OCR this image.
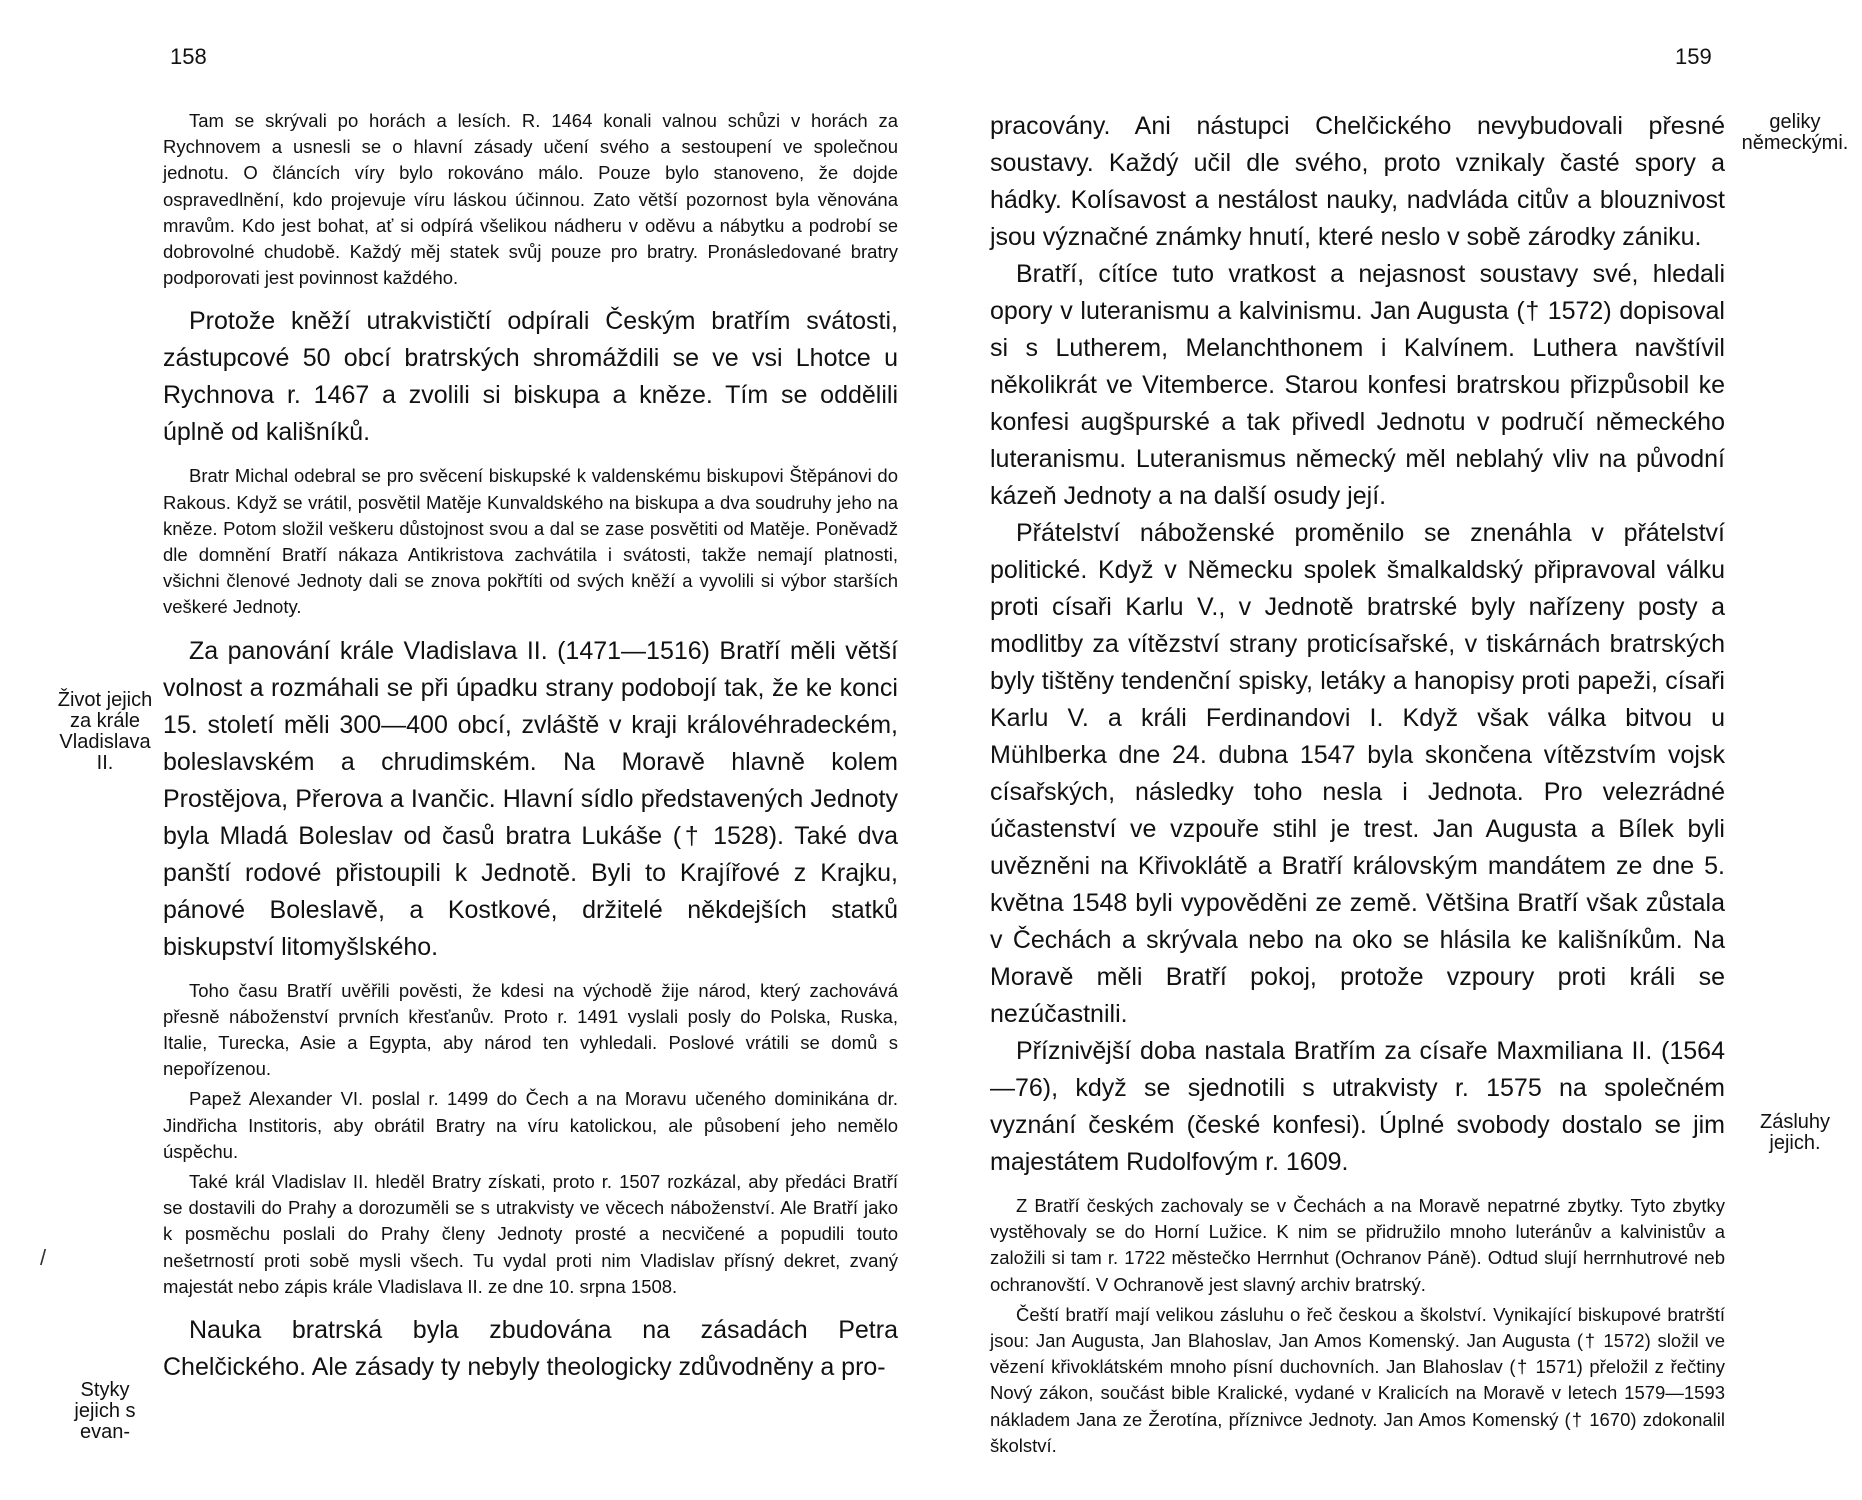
158

Tam se skrývali po horách a lesích. R. 1464 konali valnou schůzi v horách za Rychnovem a usnesli se o hlavní zásady učení svého a sestoupení ve společnou jednotu. O článcích víry bylo rokováno málo. Pouze bylo stanoveno, že dojde ospravedlnění, kdo projevuje víru láskou účinnou. Zato větší pozornost byla věnována mravům. Kdo jest bohat, ať si odpírá všelikou nádheru v oděvu a nábytku a podrobí se dobrovolné chudobě. Každý měj statek svůj pouze pro bratry. Pronásledované bratry podporovati jest povinnost každého.

Protože kněží utrakvističtí odpírali Českým bratřím svátosti, zástupcové 50 obcí bratrských shromáždili se ve vsi Lhotce u Rychnova r. 1467 a zvolili si biskupa a kněze. Tím se oddělili úplně od kališníků.

Bratr Michal odebral se pro svěcení biskupské k valdenskému biskupovi Štěpánovi do Rakous. Když se vrátil, posvětil Matěje Kunvaldského na biskupa a dva soudruhy jeho na kněze. Potom složil veškeru důstojnost svou a dal se zase posvětiti od Matěje. Poněvadž dle domnění Bratří nákaza Antikristova zachvátila i svátosti, takže nemají platnosti, všichni členové Jednoty dali se znova pokřtíti od svých kněží a vyvolili si výbor starších veškeré Jednoty.

Za panování krále Vladislava II. (1471—1516) Bratří měli větší volnost a rozmáhali se při úpadku strany podobojí tak, že ke konci 15. století měli 300—400 obcí, zvláště v kraji královéhradeckém, boleslavském a chrudimském. Na Moravě hlavně kolem Prostějova, Přerova a Ivančic. Hlavní sídlo představených Jednoty byla Mladá Boleslav od časů bratra Lukáše († 1528). Také dva panští rodové přistoupili k Jednotě. Byli to Krajířové z Krajku, pánové Boleslavě, a Kostkové, držitelé někdejších statků biskupství litomyšlského.

Toho času Bratří uvěřili pověsti, že kdesi na východě žije národ, který zachovává přesně náboženství prvních křesťanův. Proto r. 1491 vyslali posly do Polska, Ruska, Italie, Turecka, Asie a Egypta, aby národ ten vyhledali. Poslové vrátili se domů s nepořízenou.

Papež Alexander VI. poslal r. 1499 do Čech a na Moravu učeného dominikána dr. Jindřicha Institoris, aby obrátil Bratry na víru katolickou, ale působení jeho nemělo úspěchu.

Také král Vladislav II. hleděl Bratry získati, proto r. 1507 rozkázal, aby předáci Bratří se dostavili do Prahy a dorozuměli se s utrakvisty ve věcech náboženství. Ale Bratří jako k posměchu poslali do Prahy členy Jednoty prosté a necvičené a popudili touto nešetrností proti sobě mysli všech. Tu vydal proti nim Vladislav přísný dekret, zvaný majestát nebo zápis krále Vladislava II. ze dne 10. srpna 1508.

Nauka bratrská byla zbudována na zásadách Petra Chelčického. Ale zásady ty nebyly theologicky zdůvodněny a pro-

Život jejich za krále Vladislava II.
Styky jejich s evan-
/
159

pracovány. Ani nástupci Chelčického nevybudovali přesné soustavy. Každý učil dle svého, proto vznikaly časté spory a hádky. Kolísavost a nestálost nauky, nadvláda citův a blouznivost jsou význačné známky hnutí, které neslo v sobě zárodky zániku.

Bratří, cítíce tuto vratkost a nejasnost soustavy své, hledali opory v luteranismu a kalvinismu. Jan Augusta († 1572) dopisoval si s Lutherem, Melanchthonem i Kalvínem. Luthera navštívil několikrát ve Vitemberce. Starou konfesi bratrskou přizpůsobil ke konfesi augšpurské a tak přivedl Jednotu v područí německého luteranismu. Luteranismus německý měl neblahý vliv na původní kázeň Jednoty a na další osudy její.

Přátelství náboženské proměnilo se znenáhla v přátelství politické. Když v Německu spolek šmalkaldský připravoval válku proti císaři Karlu V., v Jednotě bratrské byly nařízeny posty a modlitby za vítězství strany proticísařské, v tiskárnách bratrských byly tištěny tendenční spisky, letáky a hanopisy proti papeži, císaři Karlu V. a králi Ferdinandovi I. Když však válka bitvou u Mühlberka dne 24. dubna 1547 byla skončena vítězstvím vojsk císařských, následky toho nesla i Jednota. Pro velezrádné účastenství ve vzpouře stihl je trest. Jan Augusta a Bílek byli uvězněni na Křivoklátě a Bratří královským mandátem ze dne 5. května 1548 byli vypověděni ze země. Většina Bratří však zůstala v Čechách a skrývala nebo na oko se hlásila ke kališníkům. Na Moravě měli Bratří pokoj, protože vzpoury proti králi se nezúčastnili.

Příznivější doba nastala Bratřím za císaře Maxmiliana II. (1564—76), když se sjednotili s utrakvisty r. 1575 na společném vyznání českém (české konfesi). Úplné svobody dostalo se jim majestátem Rudolfovým r. 1609.

Z Bratří českých zachovaly se v Čechách a na Moravě nepatrné zbytky. Tyto zbytky vystěhovaly se do Horní Lužice. K nim se přidružilo mnoho luteránův a kalvinistův a založili si tam r. 1722 městečko Herrnhut (Ochranov Páně). Odtud slují herrnhutrové neb ochranovští. V Ochranově jest slavný archiv bratrský.

Čeští bratří mají velikou zásluhu o řeč českou a školství. Vynikající biskupové bratrští jsou: Jan Augusta, Jan Blahoslav, Jan Amos Komenský. Jan Augusta († 1572) složil ve vězení křivoklátském mnoho písní duchovních. Jan Blahoslav († 1571) přeložil z řečtiny Nový zákon, součást bible Kralické, vydané v Kralicích na Moravě v letech 1579—1593 nákladem Jana ze Žerotína, příznivce Jednoty. Jan Amos Komenský († 1670) zdokonalil školství.

geliky německými.
Zásluhy jejich.
